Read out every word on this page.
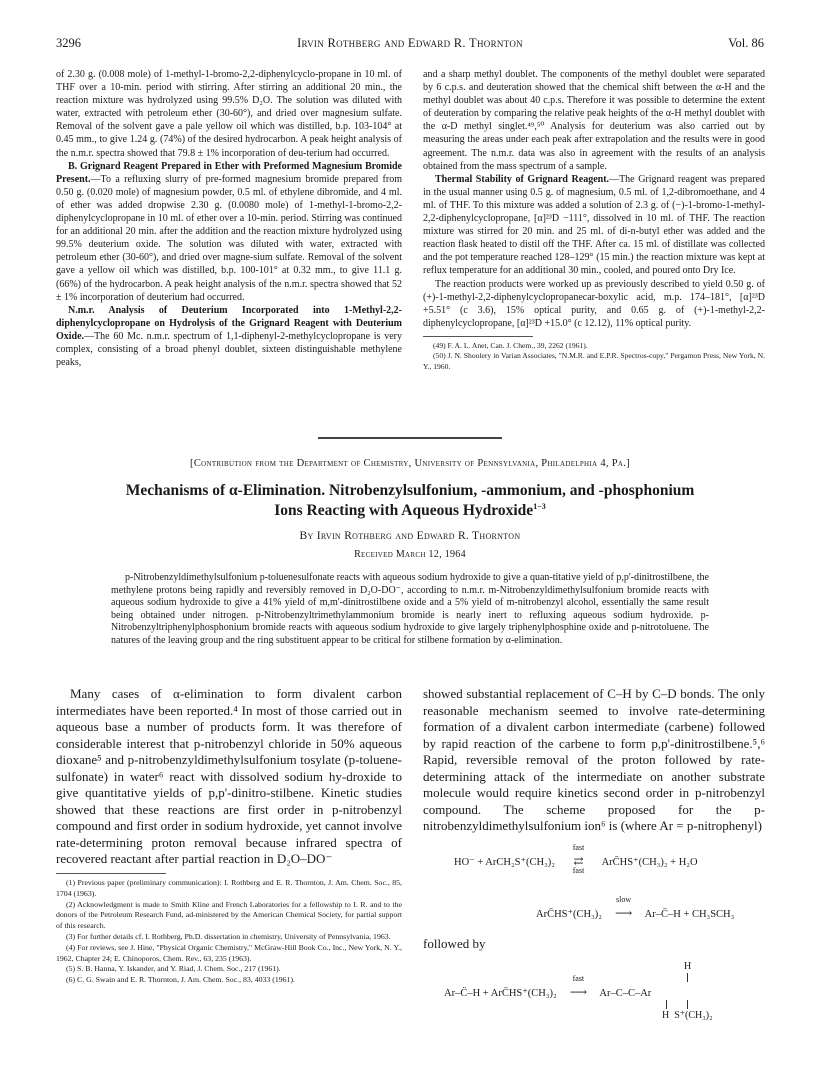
3296	Irvin Rothberg and Edward R. Thornton	Vol. 86

of 2.30 g. (0.008 mole) of 1-methyl-1-bromo-2,2-diphenylcyclo-propane in 10 ml. of THF over a 10-min. period with stirring. After stirring an additional 20 min., the reaction mixture was hydrolyzed using 99.5% D₂O. The solution was diluted with water, extracted with petroleum ether (30-60°), and dried over magnesium sulfate. Removal of the solvent gave a pale yellow oil which was distilled, b.p. 103-104° at 0.45 mm., to give 1.24 g. (74%) of the desired hydrocarbon. A peak height analysis of the n.m.r. spectra showed that 79.8 ± 1% incorporation of deu-terium had occurred.

B. Grignard Reagent Prepared in Ether with Preformed Magnesium Bromide Present.—To a refluxing slurry of pre-formed magnesium bromide prepared from 0.50 g. (0.020 mole) of magnesium powder, 0.5 ml. of ethylene dibromide, and 4 ml. of ether was added dropwise 2.30 g. (0.0080 mole) of 1-methyl-1-bromo-2,2-diphenylcyclopropane in 10 ml. of ether over a 10-min. period. Stirring was continued for an additional 20 min. after the addition and the reaction mixture hydrolyzed using 99.5% deuterium oxide. The solution was diluted with water, extracted with petroleum ether (30-60°), and dried over magne-sium sulfate. Removal of the solvent gave a yellow oil which was distilled, b.p. 100-101° at 0.32 mm., to give 11.1 g. (66%) of the hydrocarbon. A peak height analysis of the n.m.r. spectra showed that 52 ± 1% incorporation of deuterium had occurred.

N.m.r. Analysis of Deuterium Incorporated into 1-Methyl-2,2-diphenylcyclopropane on Hydrolysis of the Grignard Reagent with Deuterium Oxide.—The 60 Mc. n.m.r. spectrum of 1,1-diphenyl-2-methylcyclopropane is very complex, consisting of a broad phenyl doublet, sixteen distinguishable methylene peaks,

and a sharp methyl doublet. The components of the methyl doublet were separated by 6 c.p.s. and deuteration showed that the chemical shift between the α-H and the methyl doublet was about 40 c.p.s. Therefore it was possible to determine the extent of deuteration by comparing the relative peak heights of the α-H methyl doublet with the α-D methyl singlet.⁴⁹,⁵⁰ Analysis for deuterium was also carried out by measuring the areas under each peak after extrapolation and the results were in good agreement. The n.m.r. data was also in agreement with the results of an analysis obtained from the mass spectrum of a sample.

Thermal Stability of Grignard Reagent.—The Grignard reagent was prepared in the usual manner using 0.5 g. of magnesium, 0.5 ml. of 1,2-dibromoethane, and 4 ml. of THF. To this mixture was added a solution of 2.3 g. of (−)-1-bromo-1-methyl-2,2-diphenylcyclopropane, [α]²³D −111°, dissolved in 10 ml. of THF. The reaction mixture was stirred for 20 min. and 25 ml. of di-n-butyl ether was added and the reaction flask heated to distil off the THF. After ca. 15 ml. of distillate was collected and the pot temperature reached 128–129° (15 min.) the reaction mixture was kept at reflux temperature for an additional 30 min., cooled, and poured onto Dry Ice.

The reaction products were worked up as previously described to yield 0.50 g. of (+)-1-methyl-2,2-diphenylcyclopropanecar-boxylic acid, m.p. 174–181°, [α]²³D +5.51° (c 3.6), 15% optical purity, and 0.65 g. of (+)-1-methyl-2,2-diphenylcyclopropane, [α]²³D +15.0° (c 12.12), 11% optical purity.

(49) F. A. L. Anet, Can. J. Chem., 39, 2262 (1961).

(50) J. N. Shoolery in Varian Associates, "N.M.R. and E.P.R. Spectros-copy," Pergamon Press, New York, N. Y., 1960.

[Contribution from the Department of Chemistry, University of Pennsylvania, Philadelphia 4, Pa.]
Mechanisms of α-Elimination. Nitrobenzylsulfonium, -ammonium, and -phosphonium
Ions Reacting with Aqueous Hydroxide$^{1-3}$
By Irvin Rothberg and Edward R. Thornton
Received March 12, 1964
p-Nitrobenzyldimethylsulfonium p-toluenesulfonate reacts with aqueous sodium hydroxide to give a quan-titative yield of p,p'-dinitrostilbene, the methylene protons being rapidly and reversibly removed in D₂O-DO⁻, according to n.m.r. m-Nitrobenzyldimethylsulfonium bromide reacts with aqueous sodium hydroxide to give a 41% yield of m,m'-dinitrostilbene oxide and a 5% yield of m-nitrobenzyl alcohol, essentially the same result being obtained under nitrogen. p-Nitrobenzyltrimethylammonium bromide is nearly inert to refluxing aqueous sodium hydroxide. p-Nitrobenzyltriphenylphosphonium bromide reacts with aqueous sodium hydroxide to give largely triphenylphosphine oxide and p-nitrotoluene. The natures of the leaving group and the ring substituent appear to be critical for stilbene formation by α-elimination.
Many cases of α-elimination to form divalent carbon intermediates have been reported.⁴ In most of those carried out in aqueous base a number of products form. It was therefore of considerable interest that p-nitrobenzyl chloride in 50% aqueous dioxane⁵ and p-nitrobenzyldimethylsulfonium tosylate (p-toluene-sulfonate) in water⁶ react with dissolved sodium hy-droxide to give quantitative yields of p,p'-dinitro-stilbene. Kinetic studies showed that these reactions are first order in p-nitrobenzyl compound and first order in sodium hydroxide, yet cannot involve rate-determining proton removal because infrared spectra of recovered reactant after partial reaction in D₂O–DO⁻

(1) Previous paper (preliminary communication): I. Rothberg and E. R. Thornton, J. Am. Chem. Soc., 85, 1704 (1963).

(2) Acknowledgment is made to Smith Kline and French Laboratories for a fellowship to I. R. and to the donors of the Petroleum Research Fund, ad-ministered by the American Chemical Society, for partial support of this research.

(3) For further details cf. I. Rothberg, Ph.D. dissertation in chemistry, University of Pennsylvania, 1963.

(4) For reviews, see J. Hine, "Physical Organic Chemistry," McGraw-Hill Book Co., Inc., New York, N. Y., 1962, Chapter 24; E. Chinoporos, Chem. Rev., 63, 235 (1963).

(5) S. B. Hanna, Y. Iskander, and Y. Riad, J. Chem. Soc., 217 (1961).

(6) C. G. Swain and E. R. Thornton, J. Am. Chem. Soc., 83, 4033 (1961).

showed substantial replacement of C–H by C–D bonds. The only reasonable mechanism seemed to involve rate-determining formation of a divalent carbon intermediate (carbene) followed by rapid reaction of the carbene to form p,p'-dinitrostilbene.⁵,⁶ Rapid, reversible removal of the proton followed by rate-determining attack of the intermediate on another substrate molecule would require kinetics second order in p-nitrobenzyl compound. The scheme proposed for the p-nitrobenzyldimethylsulfonium ion⁶ is (where Ar = p-nitrophenyl)
HO⁻ + ArCH₂S⁺(CH₃)₂
fast
⇄
fast
ArC̄HS⁺(CH₃)₂ + H₂O
ArC̄HS⁺(CH₃)₂
slow
⟶ Ar–C̈–H + CH₃SCH₃
followed by
H
Ar–C̈–H + ArC̄HS⁺(CH₃)₂
fast
⟶ Ar–C–C–Ar
H  S⁺(CH₃)₂
